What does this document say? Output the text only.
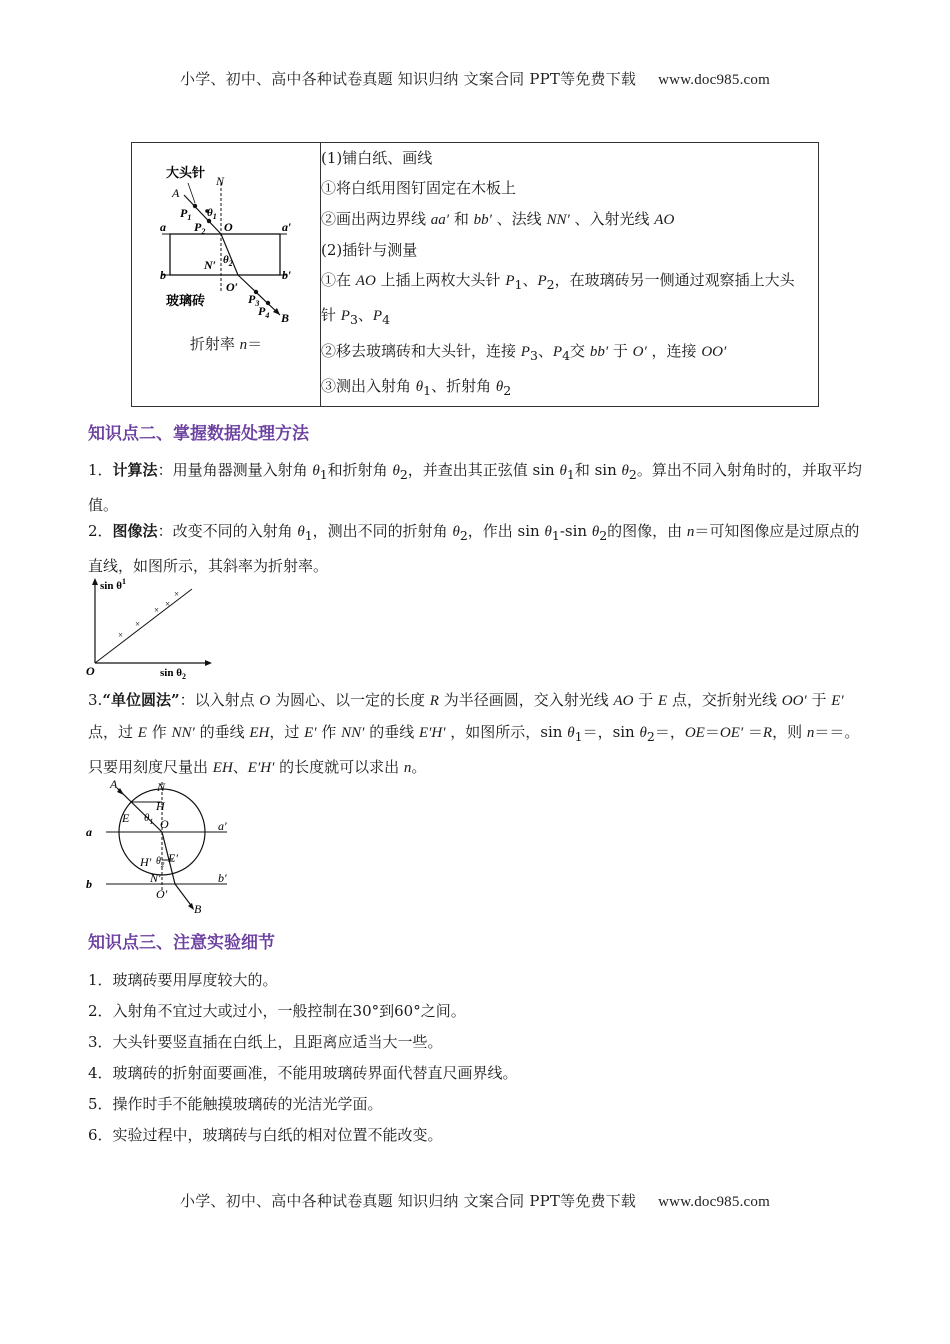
小学、初中、高中各种试卷真题 知识归纳 文案合同 PPT等免费下载 www.doc985.com
大头针
N
A
$P_1$ $\theta_1$
$P_2$ O
a	a′
b	b′
N′ $\theta_2$
O′
$P_3$
$P_4$ B
玻璃砖
折射率 n＝

(1)铺白纸、画线
①将白纸用图钉固定在木板上
②画出两边界线 aa′ 和 bb′ 、法线 NN′ 、入射光线 AO
(2)插针与测量
①在 AO 上插上两枚大头针 $P_1$、$P_2$，在玻璃砖另一侧通过观察插上大头针 $P_3$、$P_4$
②移去玻璃砖和大头针，连接 $P_3$、$P_4$交 bb′ 于 O′ ，连接 OO′
③测出入射角 $\theta_1$、折射角 $\theta_2$
知识点二、掌握数据处理方法
1．计算法：用量角器测量入射角 $\theta_1$和折射角 $\theta_2$，并查出其正弦值 $\sin \theta_1$和 $\sin \theta_2$。算出不同入射角时的，并取平均值。
2．图像法：改变不同的入射角 $\theta_1$，测出不同的折射角 $\theta_2$，作出 $\sin \theta_1-\sin$ $\theta_2$的图像，由 n＝可知图像应是过原点的直线，如图所示，其斜率为折射率。
×
×
×
×
×
$\sin \theta^1$
O	$\sin \theta_2$
3.“单位圆法”：以入射点 O 为圆心、以一定的长度 R 为半径画圆，交入射光线 AO 于 E 点，交折射光线 OO′ 于 E′ 点，过 E 作 NN′ 的垂线 EH，过 E′ 作 NN′ 的垂线 E′H′ ，如图所示，$\sin \theta_1=$，$\sin \theta_2=$，OE＝OE′ ＝R，则 n＝＝。只要用刻度尺量出 EH、E′H′ 的长度就可以求出 n。
A	N
H
E $\theta_1$ O
a	a′
H′ $\theta_2$ E′
N′
b	b′
O′
B
知识点三、注意实验细节
1．玻璃砖要用厚度较大的。
2．入射角不宜过大或过小，一般控制在30°到60°之间。
3．大头针要竖直插在白纸上，且距离应适当大一些。
4．玻璃砖的折射面要画准，不能用玻璃砖界面代替直尺画界线。
5．操作时手不能触摸玻璃砖的光洁光学面。
6．实验过程中，玻璃砖与白纸的相对位置不能改变。
小学、初中、高中各种试卷真题 知识归纳 文案合同 PPT等免费下载 www.doc985.com
